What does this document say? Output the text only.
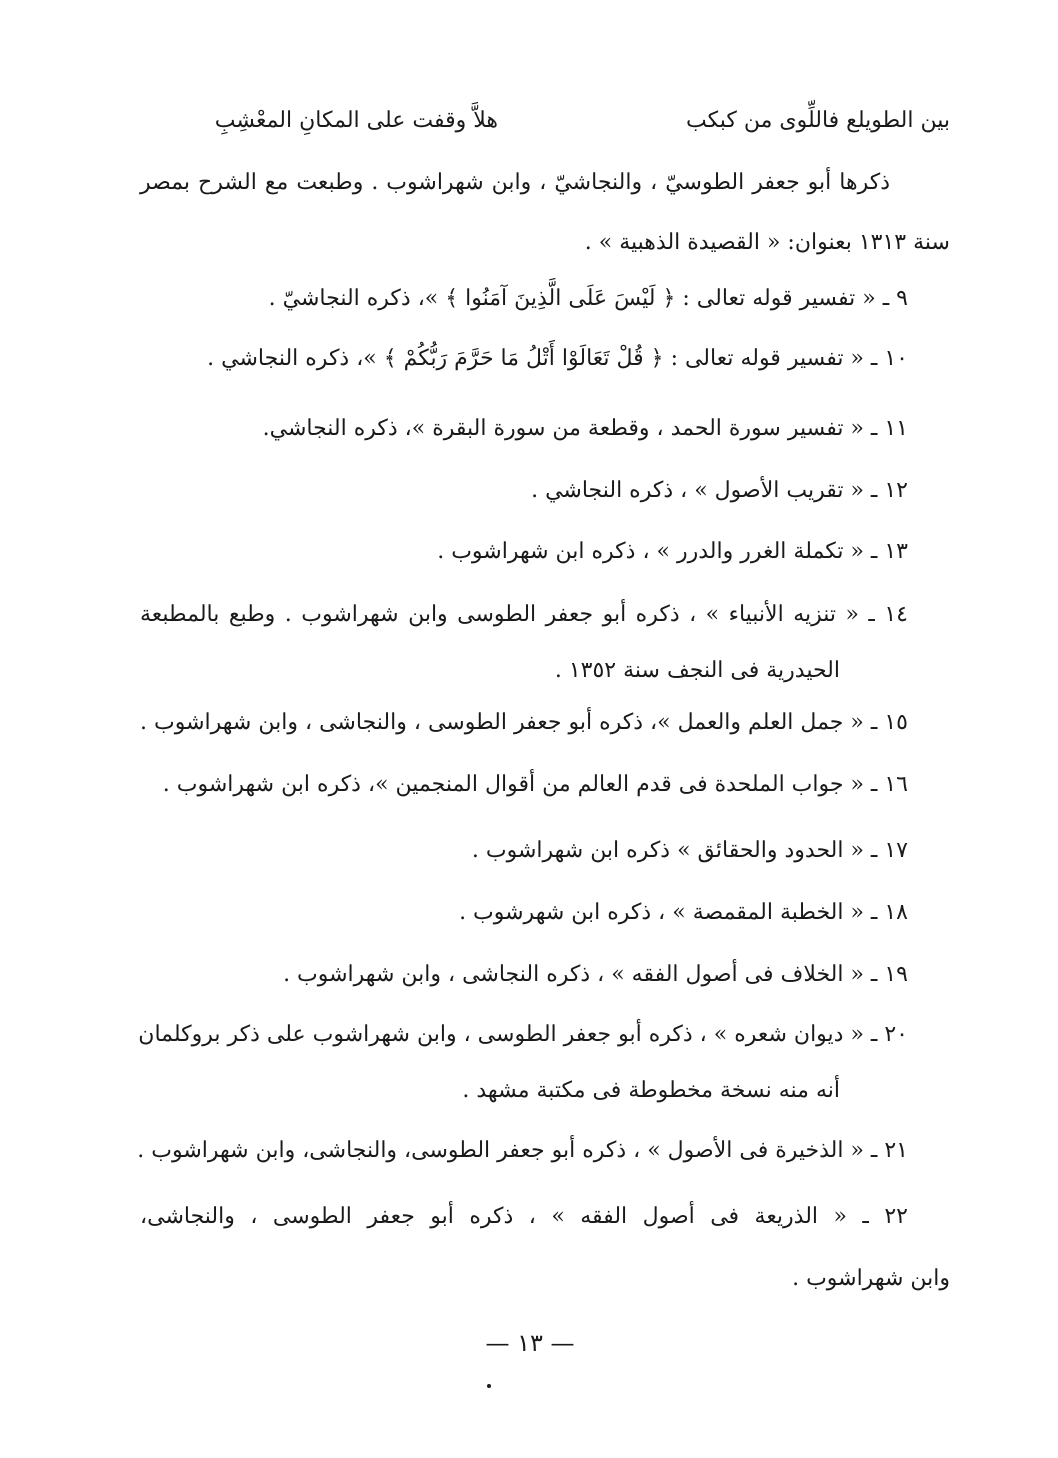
بين الطويلع فاللِّوى من كبكب
هلاَّ وقفت على المكانِ المعْشِبِ
ذكرها أبو جعفر الطوسيّ ، والنجاشيّ ، وابن شهراشوب . وطبعت مع الشرح بمصر
سنة ١٣١٣ بعنوان: « القصيدة الذهبية » .
٩ ـ « تفسير قوله تعالى : ﴿ لَيْسَ عَلَى الَّذِينَ آمَنُوا ﴾ »، ذكره النجاشيّ .
١٠ ـ « تفسير قوله تعالى : ﴿ قُلْ تَعَالَوْا أَتْلُ مَا حَرَّمَ رَبُّكُمْ ﴾ »، ذكره النجاشي .
١١ ـ « تفسير سورة الحمد ، وقطعة من سورة البقرة »، ذكره النجاشي.
١٢ ـ « تقريب الأصول » ، ذكره النجاشي .
١٣ ـ « تكملة الغرر والدرر » ، ذكره ابن شهراشوب .
١٤ ـ « تنزيه الأنبياء » ، ذكره أبو جعفر الطوسى وابن شهراشوب . وطبع بالمطبعة
الحيدرية فى النجف سنة ١٣٥٢ .
١٥ ـ « جمل العلم والعمل »، ذكره أبو جعفر الطوسى ، والنجاشى ، وابن شهراشوب .
١٦ ـ « جواب الملحدة فى قدم العالم من أقوال المنجمين »، ذكره ابن شهراشوب .
١٧ ـ « الحدود والحقائق » ذكره ابن شهراشوب .
١٨ ـ « الخطبة المقمصة » ، ذكره ابن شهرشوب .
١٩ ـ « الخلاف فى أصول الفقه » ، ذكره النجاشى ، وابن شهراشوب .
٢٠ ـ « ديوان شعره » ، ذكره أبو جعفر الطوسى ، وابن شهراشوب على ذكر بروكلمان
أنه منه نسخة مخطوطة فى مكتبة مشهد .
٢١ ـ « الذخيرة فى الأصول » ، ذكره أبو جعفر الطوسى، والنجاشى، وابن شهراشوب .
٢٢ ـ « الذريعة فى أصول الفقه » ، ذكره أبو جعفر الطوسى ، والنجاشى،
وابن شهراشوب .
— ١٣ —
